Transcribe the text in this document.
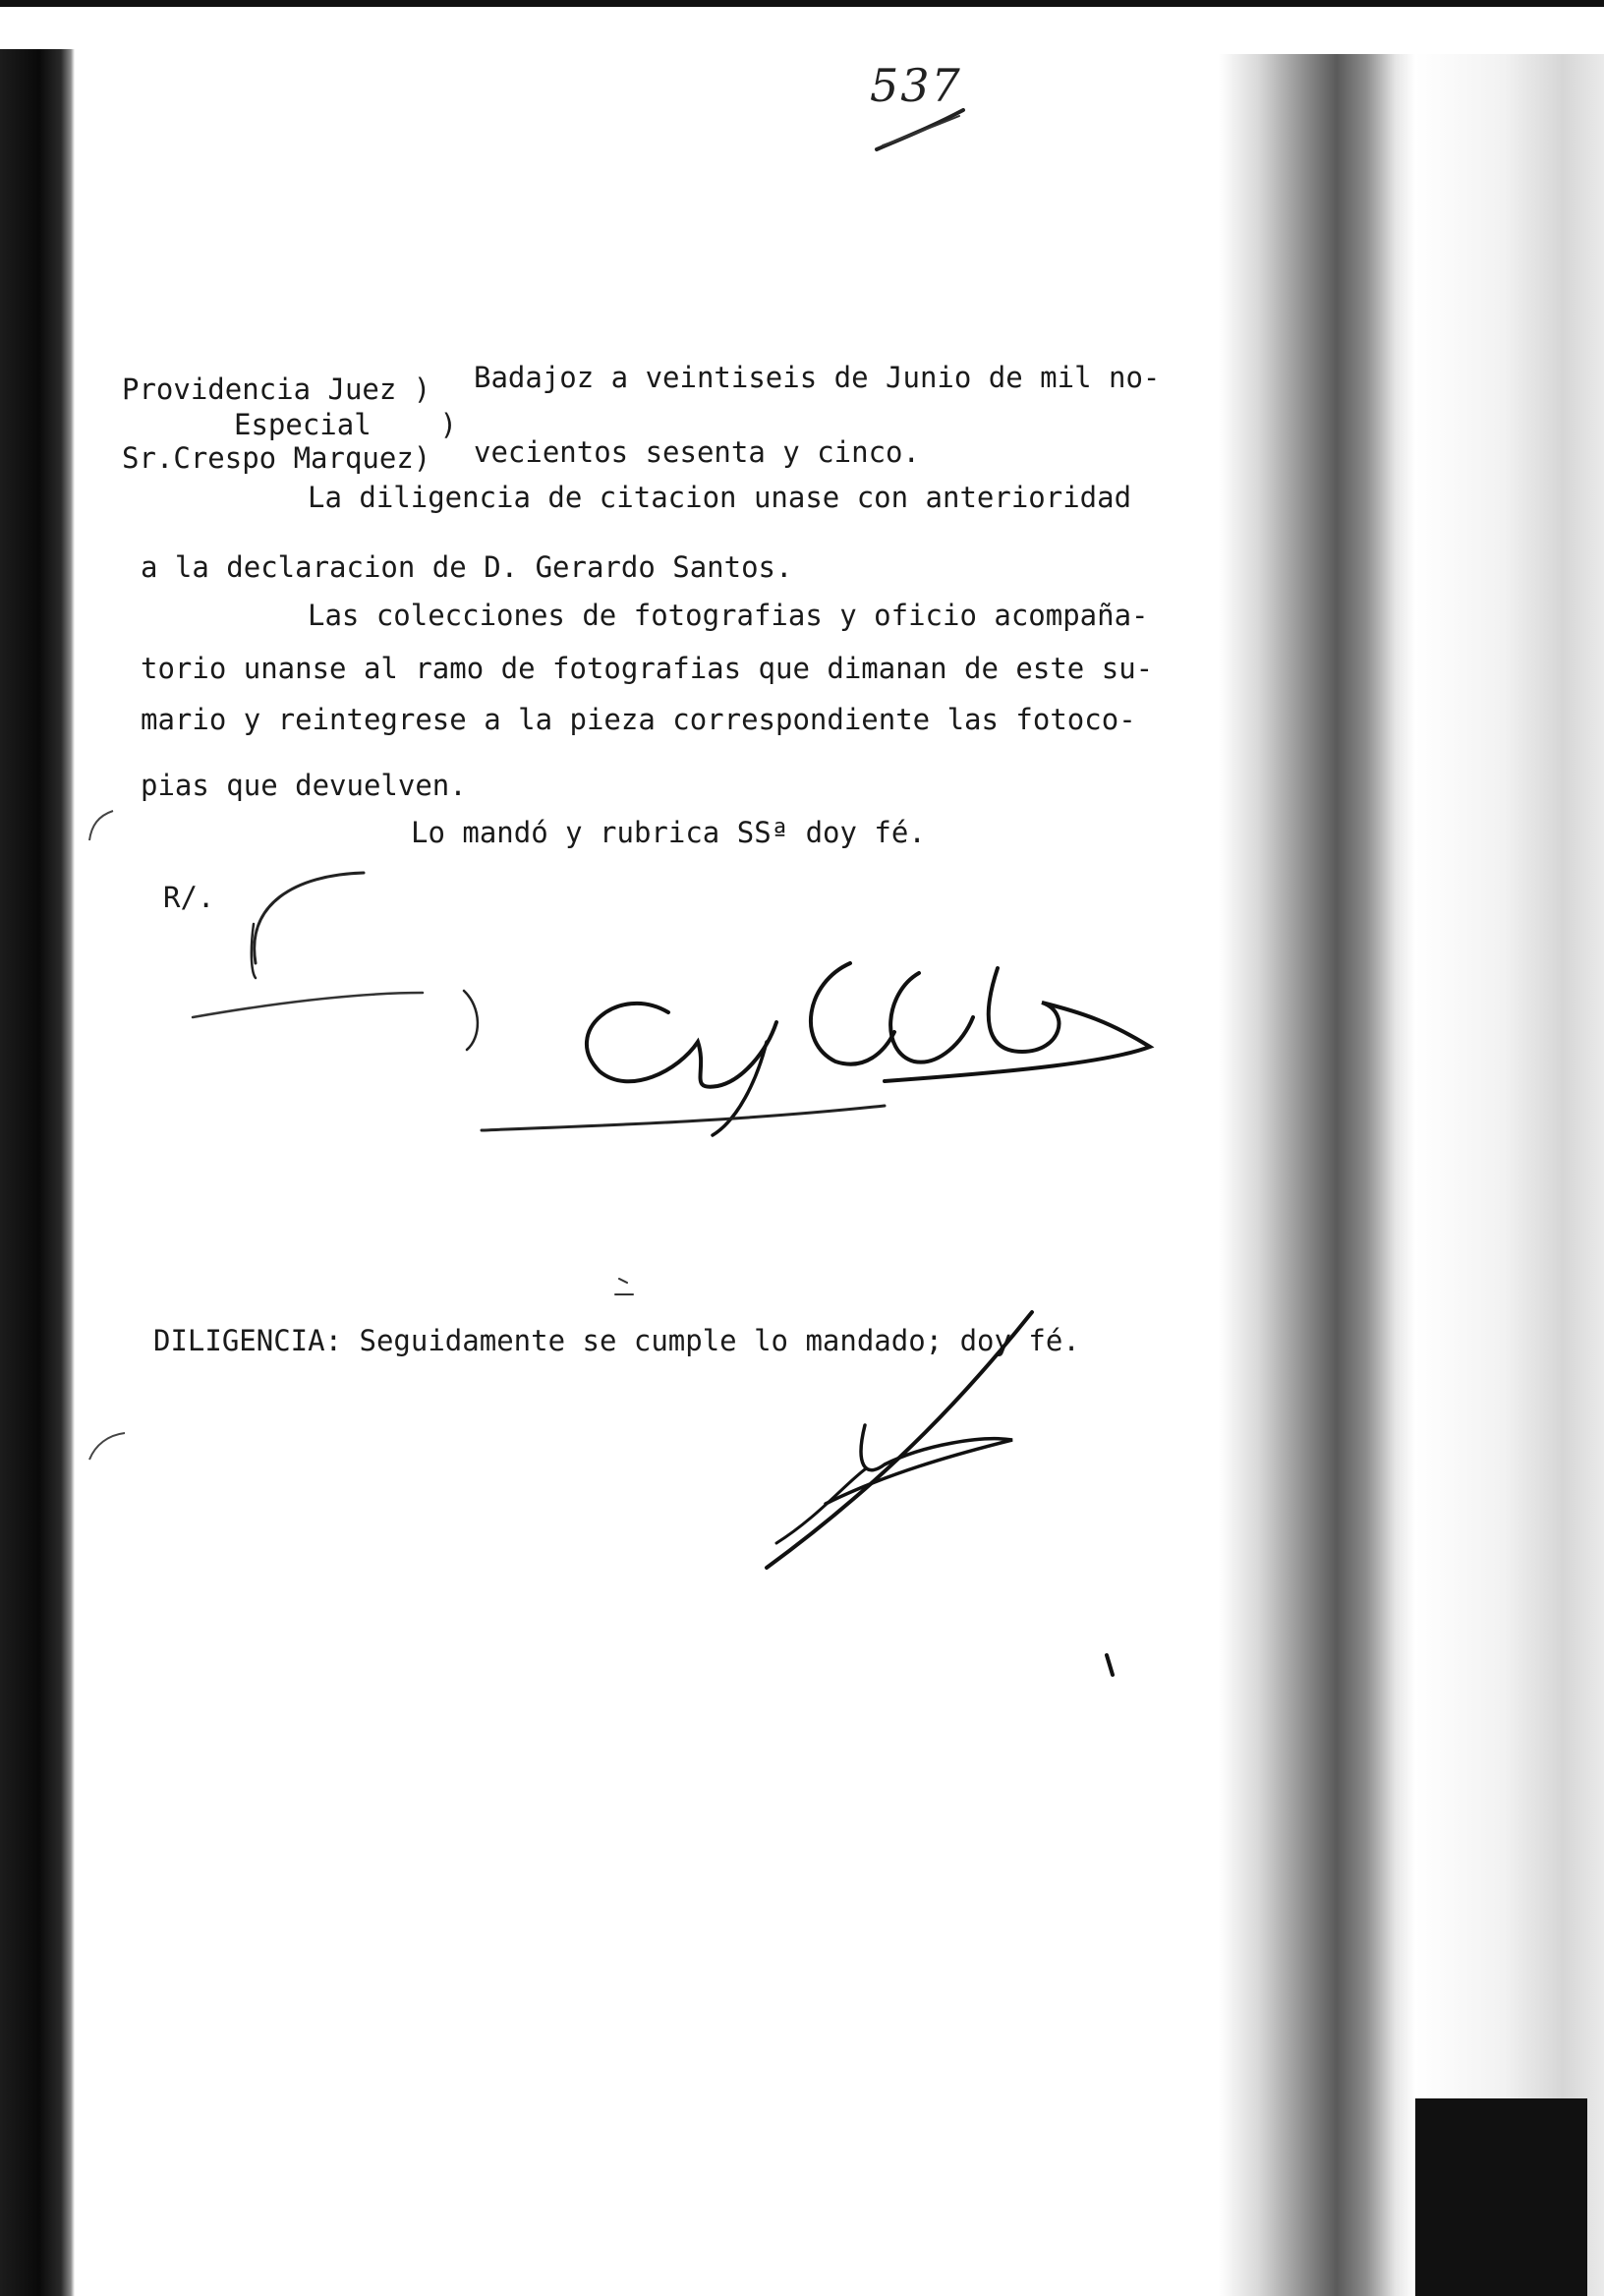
537
Providencia Juez )
Especial    )
Sr.Crespo Marquez)
Badajoz a veintiseis de Junio de mil no-
vecientos sesenta y cinco.
La diligencia de citacion unase con anterioridad
a la declaracion de D. Gerardo Santos.
Las colecciones de fotografias y oficio acompaña-
torio unanse al ramo de fotografias que dimanan de este su-
mario y reintegrese a la pieza correspondiente las fotoco-
pias que devuelven.
Lo mandó y rubrica SSª doy fé.
R/.
DILIGENCIA: Seguidamente se cumple lo mandado; doy fé.
